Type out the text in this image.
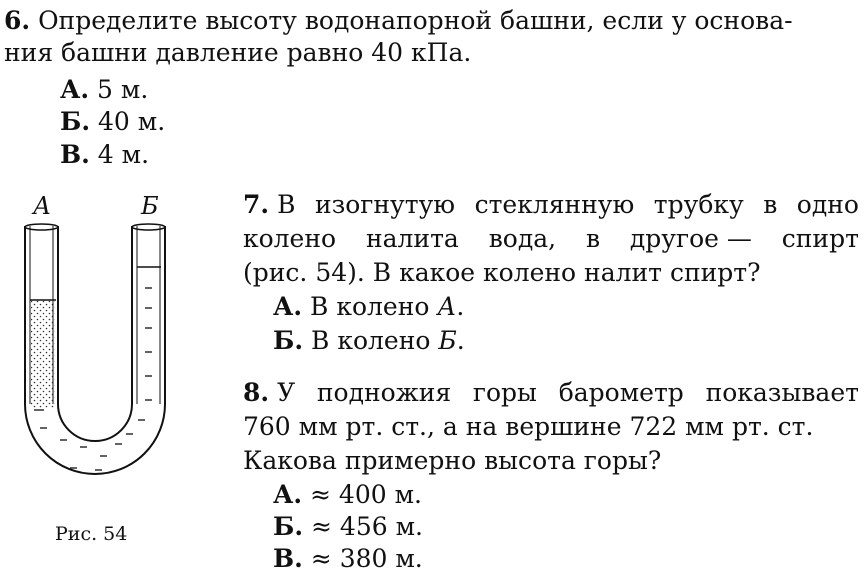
6. Определите высоту водонапорной башни, если у основа-
ния башни давление равно 40 кПа.
А. 5 м.
Б. 40 м.
В. 4 м.
А	Б
Рис. 54
7. В изогнутую стеклянную трубку в одно
колено налита вода, в другое — спирт
(рис. 54). В какое колено налит спирт?
А. В колено А.
Б. В колено Б.
8. У подножия горы барометр показывает
760 мм рт. ст., а на вершине 722 мм рт. ст.
Какова примерно высота горы?
А. ≈ 400 м.
Б. ≈ 456 м.
В. ≈ 380 м.
